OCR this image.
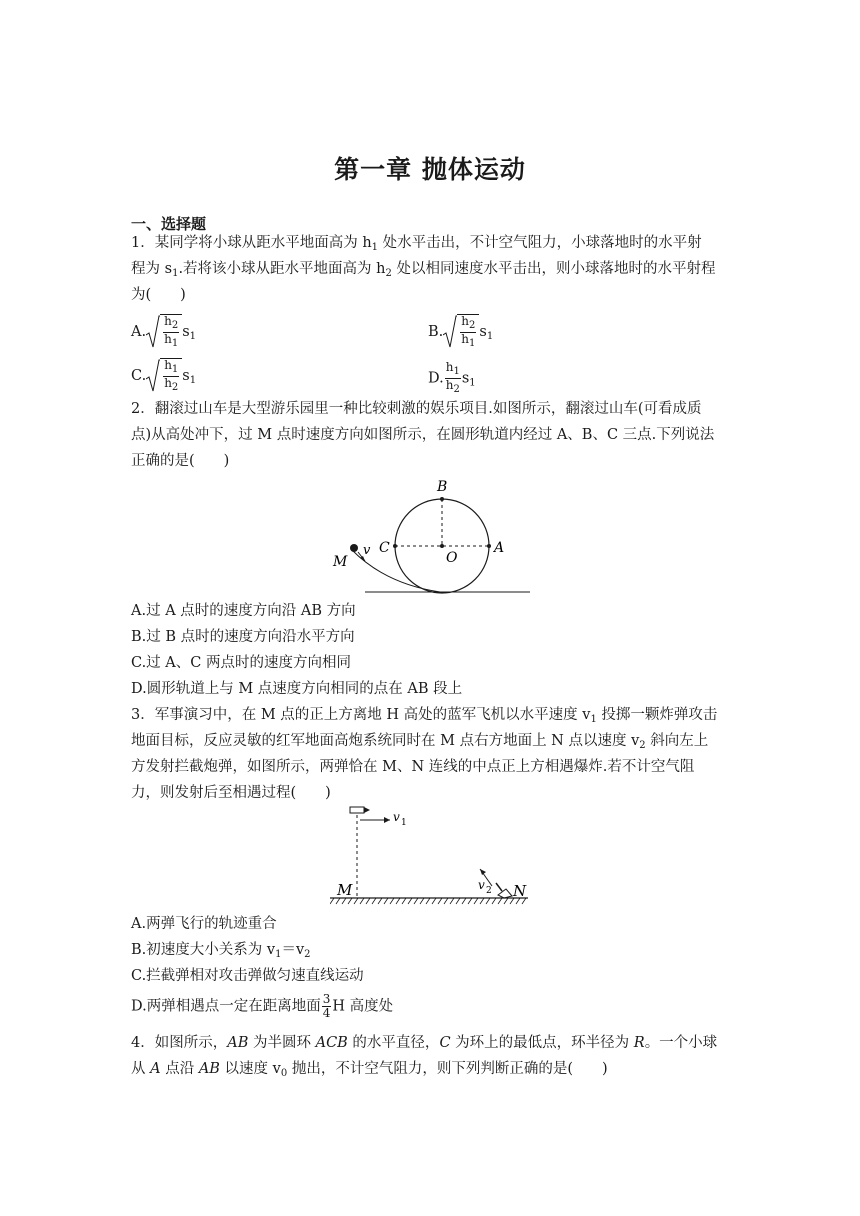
第一章 抛体运动
一、选择题
1．某同学将小球从距水平地面高为 $h_1$ 处水平击出，不计空气阻力，小球落地时的水平射
程为 $s_1$.若将该小球从距水平地面高为 $h_2$ 处以相同速度水平击出，则小球落地时的水平射程
为(　　)
A. $\frac{h_2}{h_1} s_1$	B. $\frac{h_2}{h_1} s_1$
C. $\frac{h_1}{h_2} s_1$	D. $\frac{h_1}{h_2} s_1$
2．翻滚过山车是大型游乐园里一种比较刺激的娱乐项目.如图所示，翻滚过山车(可看成质
点)从高处冲下，过 M 点时速度方向如图所示，在圆形轨道内经过 A、B、C 三点.下列说法
正确的是(　　)
B
C
O
A
M
v
A.过 A 点时的速度方向沿 AB 方向
B.过 B 点时的速度方向沿水平方向
C.过 A、C 两点时的速度方向相同
D.圆形轨道上与 M 点速度方向相同的点在 AB 段上
3．军事演习中，在 M 点的正上方离地 H 高处的蓝军飞机以水平速度 $v_1$ 投掷一颗炸弹攻击
地面目标，反应灵敏的红军地面高炮系统同时在 M 点右方地面上 N 点以速度 $v_2$ 斜向左上
方发射拦截炮弹，如图所示，两弹恰在 M、N 连线的中点正上方相遇爆炸.若不计空气阻
力，则发射后至相遇过程(　　)
v 1
v 2
M	N
A.两弹飞行的轨迹重合
B.初速度大小关系为 $v_1=v_2$
C.拦截弹相对攻击弹做匀速直线运动
D.两弹相遇点一定在距离地面 $\frac{3}{4}$ H 高度处
4．如图所示，AB 为半圆环 ACB 的水平直径，C 为环上的最低点，环半径为 R。一个小球
从 A 点沿 AB 以速度 $v_0$ 抛出，不计空气阻力，则下列判断正确的是(　　)
